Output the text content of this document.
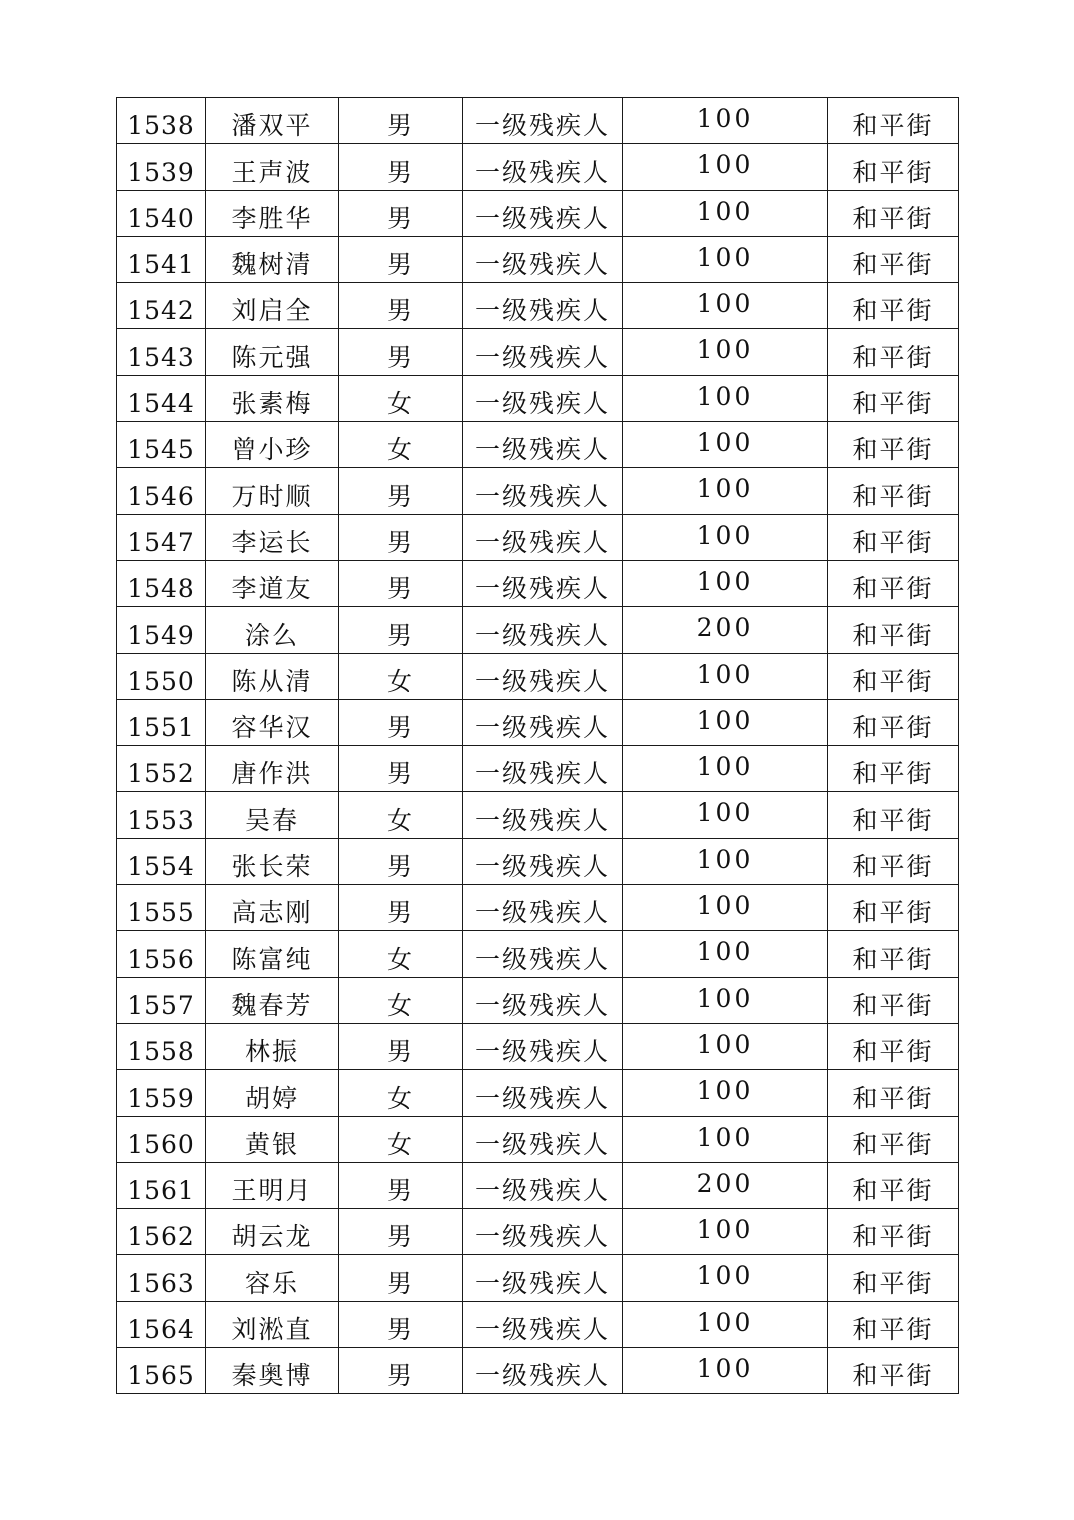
1538	潘双平	男	一级残疾人	100	和平街

1539	王声波	男	一级残疾人	100	和平街

1540	李胜华	男	一级残疾人	100	和平街

1541	魏树清	男	一级残疾人	100	和平街

1542	刘启全	男	一级残疾人	100	和平街

1543	陈元强	男	一级残疾人	100	和平街

1544	张素梅	女	一级残疾人	100	和平街

1545	曾小珍	女	一级残疾人	100	和平街

1546	万时顺	男	一级残疾人	100	和平街

1547	李运长	男	一级残疾人	100	和平街

1548	李道友	男	一级残疾人	100	和平街

1549	涂么	男	一级残疾人	200	和平街

1550	陈从清	女	一级残疾人	100	和平街

1551	容华汉	男	一级残疾人	100	和平街

1552	唐作洪	男	一级残疾人	100	和平街

1553	吴春	女	一级残疾人	100	和平街

1554	张长荣	男	一级残疾人	100	和平街

1555	高志刚	男	一级残疾人	100	和平街

1556	陈富纯	女	一级残疾人	100	和平街

1557	魏春芳	女	一级残疾人	100	和平街

1558	林振	男	一级残疾人	100	和平街

1559	胡婷	女	一级残疾人	100	和平街

1560	黄银	女	一级残疾人	100	和平街

1561	王明月	男	一级残疾人	200	和平街

1562	胡云龙	男	一级残疾人	100	和平街

1563	容乐	男	一级残疾人	100	和平街

1564	刘淞直	男	一级残疾人	100	和平街

1565	秦奥博	男	一级残疾人	100	和平街
